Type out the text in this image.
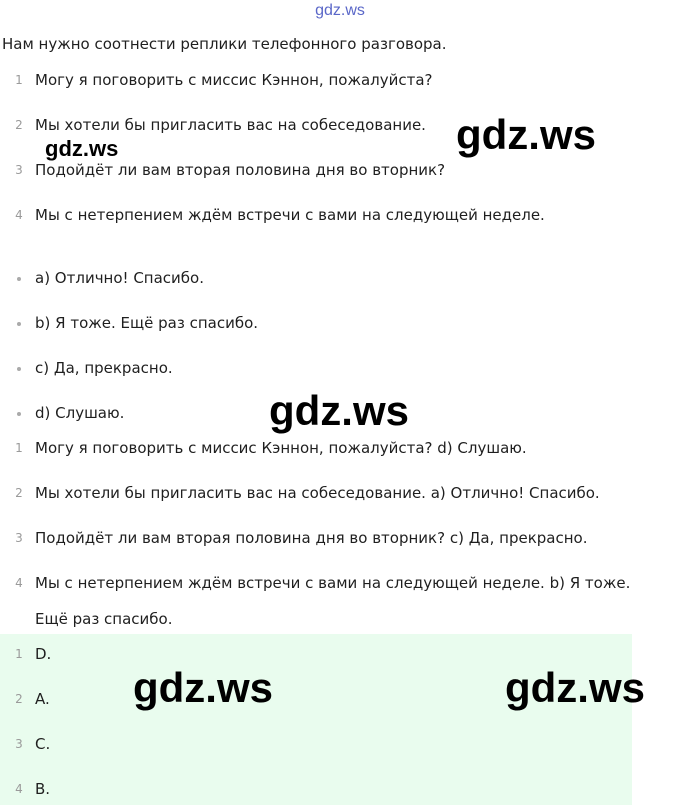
gdz.ws
Нам нужно соотнести реплики телефонного разговора.
1 Могу я поговорить с миссис Кэннон, пожалуйста?
2 Мы хотели бы пригласить вас на собеседование.
3 Подойдёт ли вам вторая половина дня во вторник?
4 Мы с нетерпением ждём встречи с вами на следующей неделе.
a) Отлично! Спасибо.
b) Я тоже. Ещё раз спасибо.
c) Да, прекрасно.
d) Слушаю.
1 Могу я поговорить с миссис Кэннон, пожалуйста? d) Слушаю.
2 Мы хотели бы пригласить вас на собеседование. a) Отлично! Спасибо.
3 Подойдёт ли вам вторая половина дня во вторник? c) Да, прекрасно.
4 Мы с нетерпением ждём встречи с вами на следующей неделе. b) Я тоже.
Ещё раз спасибо.
1 D.
2 A.
3 C.
4 B.
gdz.ws
gdz.ws
gdz.ws
gdz.ws	gdz.ws
